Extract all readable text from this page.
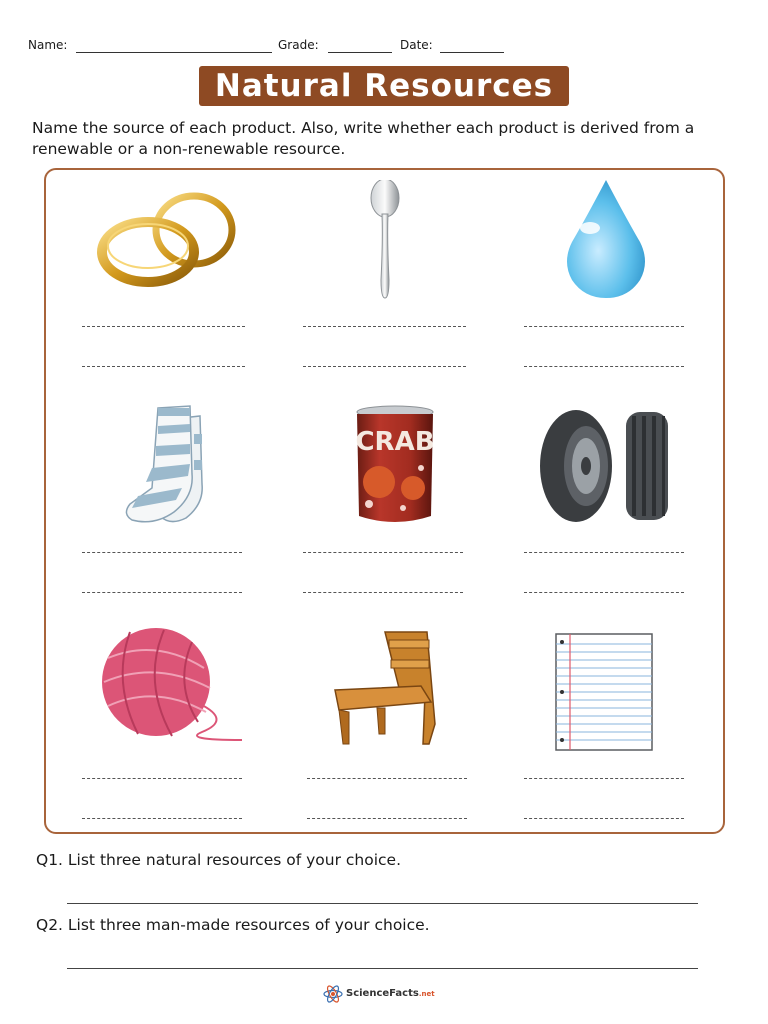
Name:	Grade:	Date:
Natural Resources
Name the source of each product. Also, write whether each product is derived from a renewable or a non-renewable resource.
CRAB
Q1. List three natural resources of your choice.
Q2. List three man-made resources of your choice.
ScienceFacts.net
